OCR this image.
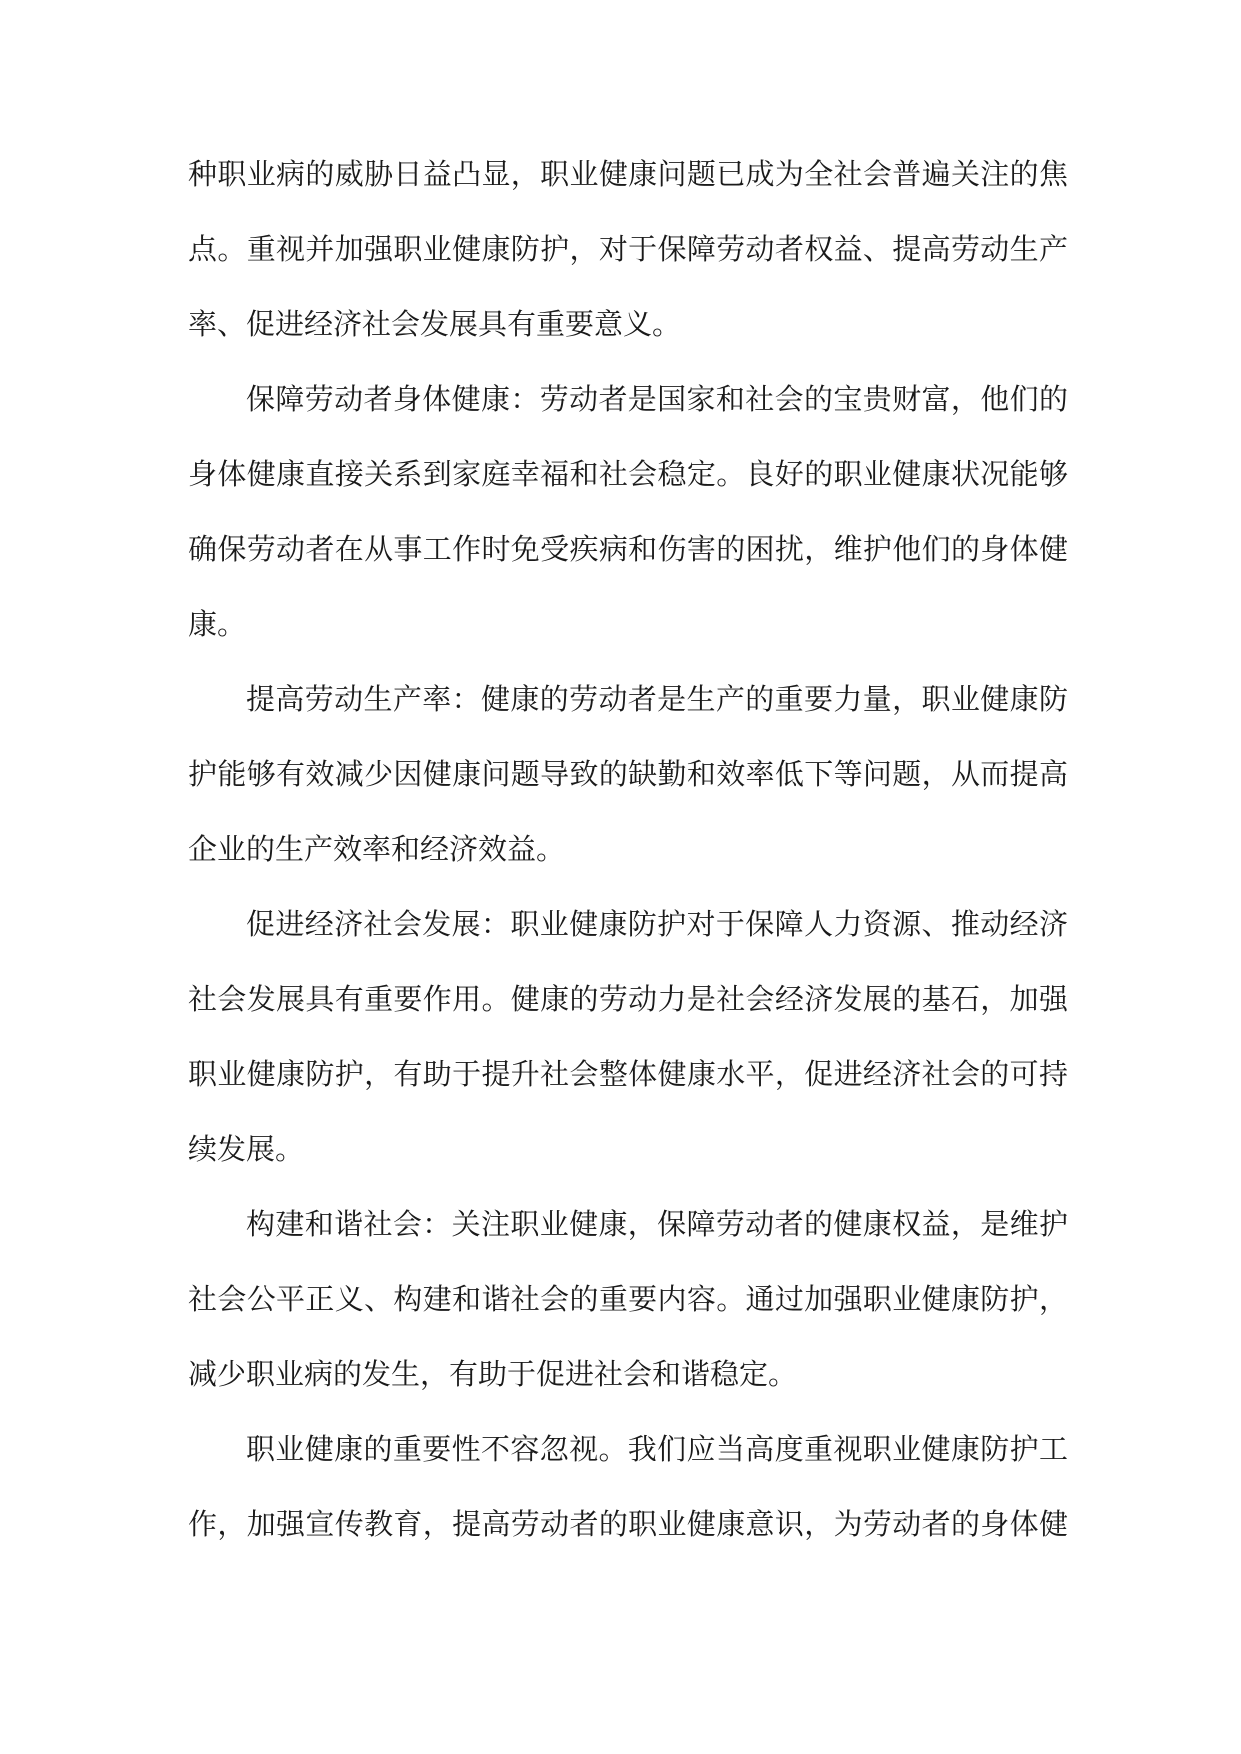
种职业病的威胁日益凸显，职业健康问题已成为全社会普遍关注的焦
点。重视并加强职业健康防护，对于保障劳动者权益、提高劳动生产
率、促进经济社会发展具有重要意义。
保障劳动者身体健康：劳动者是国家和社会的宝贵财富，他们的
身体健康直接关系到家庭幸福和社会稳定。良好的职业健康状况能够
确保劳动者在从事工作时免受疾病和伤害的困扰，维护他们的身体健
康。
提高劳动生产率：健康的劳动者是生产的重要力量，职业健康防
护能够有效减少因健康问题导致的缺勤和效率低下等问题，从而提高
企业的生产效率和经济效益。
促进经济社会发展：职业健康防护对于保障人力资源、推动经济
社会发展具有重要作用。健康的劳动力是社会经济发展的基石，加强
职业健康防护，有助于提升社会整体健康水平，促进经济社会的可持
续发展。
构建和谐社会：关注职业健康，保障劳动者的健康权益，是维护
社会公平正义、构建和谐社会的重要内容。通过加强职业健康防护，
减少职业病的发生，有助于促进社会和谐稳定。
职业健康的重要性不容忽视。我们应当高度重视职业健康防护工
作，加强宣传教育，提高劳动者的职业健康意识，为劳动者的身体健
